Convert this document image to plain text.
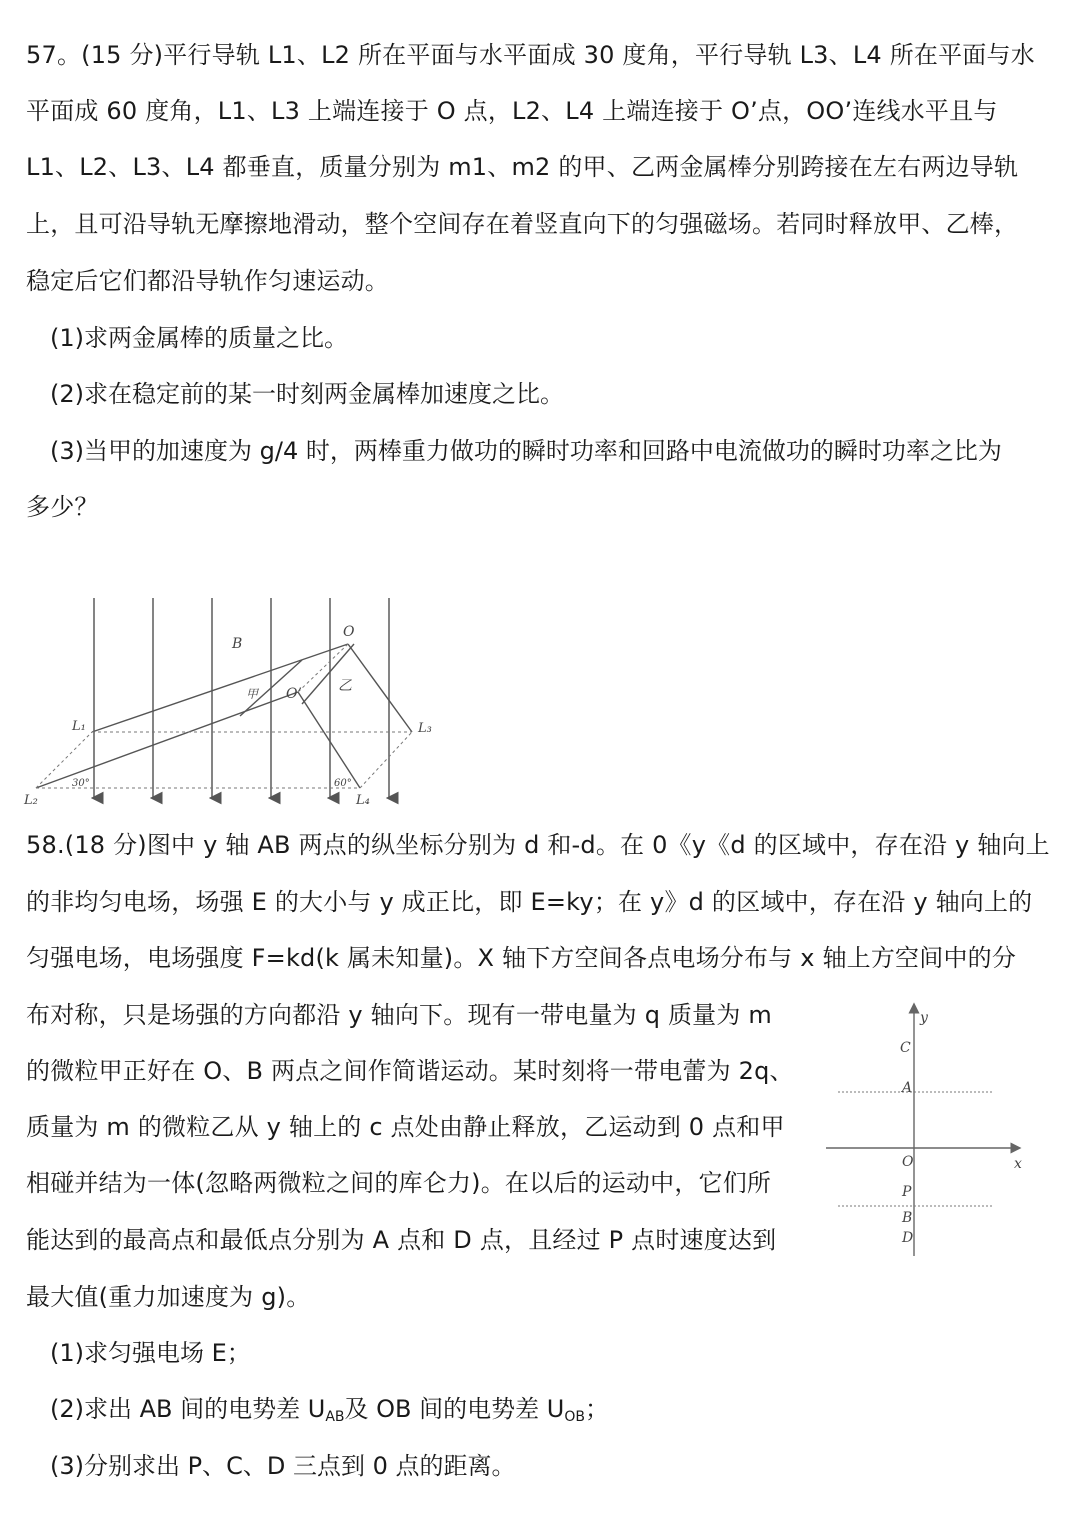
57。(15 分)平行导轨 L1、L2 所在平面与水平面成 30 度角，平行导轨 L3、L4 所在平面与水
平面成 60 度角，L1、L3 上端连接于 O 点，L2、L4 上端连接于 O’点，OO’连线水平且与
L1、L2、L3、L4 都垂直，质量分别为 m1、m2 的甲、乙两金属棒分别跨接在左右两边导轨
上，且可沿导轨无摩擦地滑动，整个空间存在着竖直向下的匀强磁场。若同时释放甲、乙棒，
稳定后它们都沿导轨作匀速运动。
(1)求两金属棒的质量之比。
(2)求在稳定前的某一时刻两金属棒加速度之比。
(3)当甲的加速度为 g/4 时，两棒重力做功的瞬时功率和回路中电流做功的瞬时功率之比为
多少？
B
O
O’
甲	乙
L₁
L₂
L₃
L₄
30°	60°
58.(18 分)图中 y 轴 AB 两点的纵坐标分别为 d 和-d。在 0《y《d 的区域中，存在沿 y 轴向上
的非均匀电场，场强 E 的大小与 y 成正比，即 E=ky；在 y》d 的区域中，存在沿 y 轴向上的
匀强电场，电场强度 F=kd(k 属未知量)。X 轴下方空间各点电场分布与 x 轴上方空间中的分
布对称，只是场强的方向都沿 y 轴向下。现有一带电量为 q 质量为 m
的微粒甲正好在 O、B 两点之间作简谐运动。某时刻将一带电蕾为 2q、
质量为 m 的微粒乙从 y 轴上的 c 点处由静止释放，乙运动到 0 点和甲
相碰并结为一体(忽略两微粒之间的库仑力)。在以后的运动中，它们所
能达到的最高点和最低点分别为 A 点和 D 点，且经过 P 点时速度达到
最大值(重力加速度为 g)。
(1)求匀强电场 E；
(2)求出 AB 间的电势差 $U_{AB}$及 OB 间的电势差 $U_{OB}$；
(3)分别求出 P、C、D 三点到 0 点的距离。
y
x
C
A
O
P
B
D
